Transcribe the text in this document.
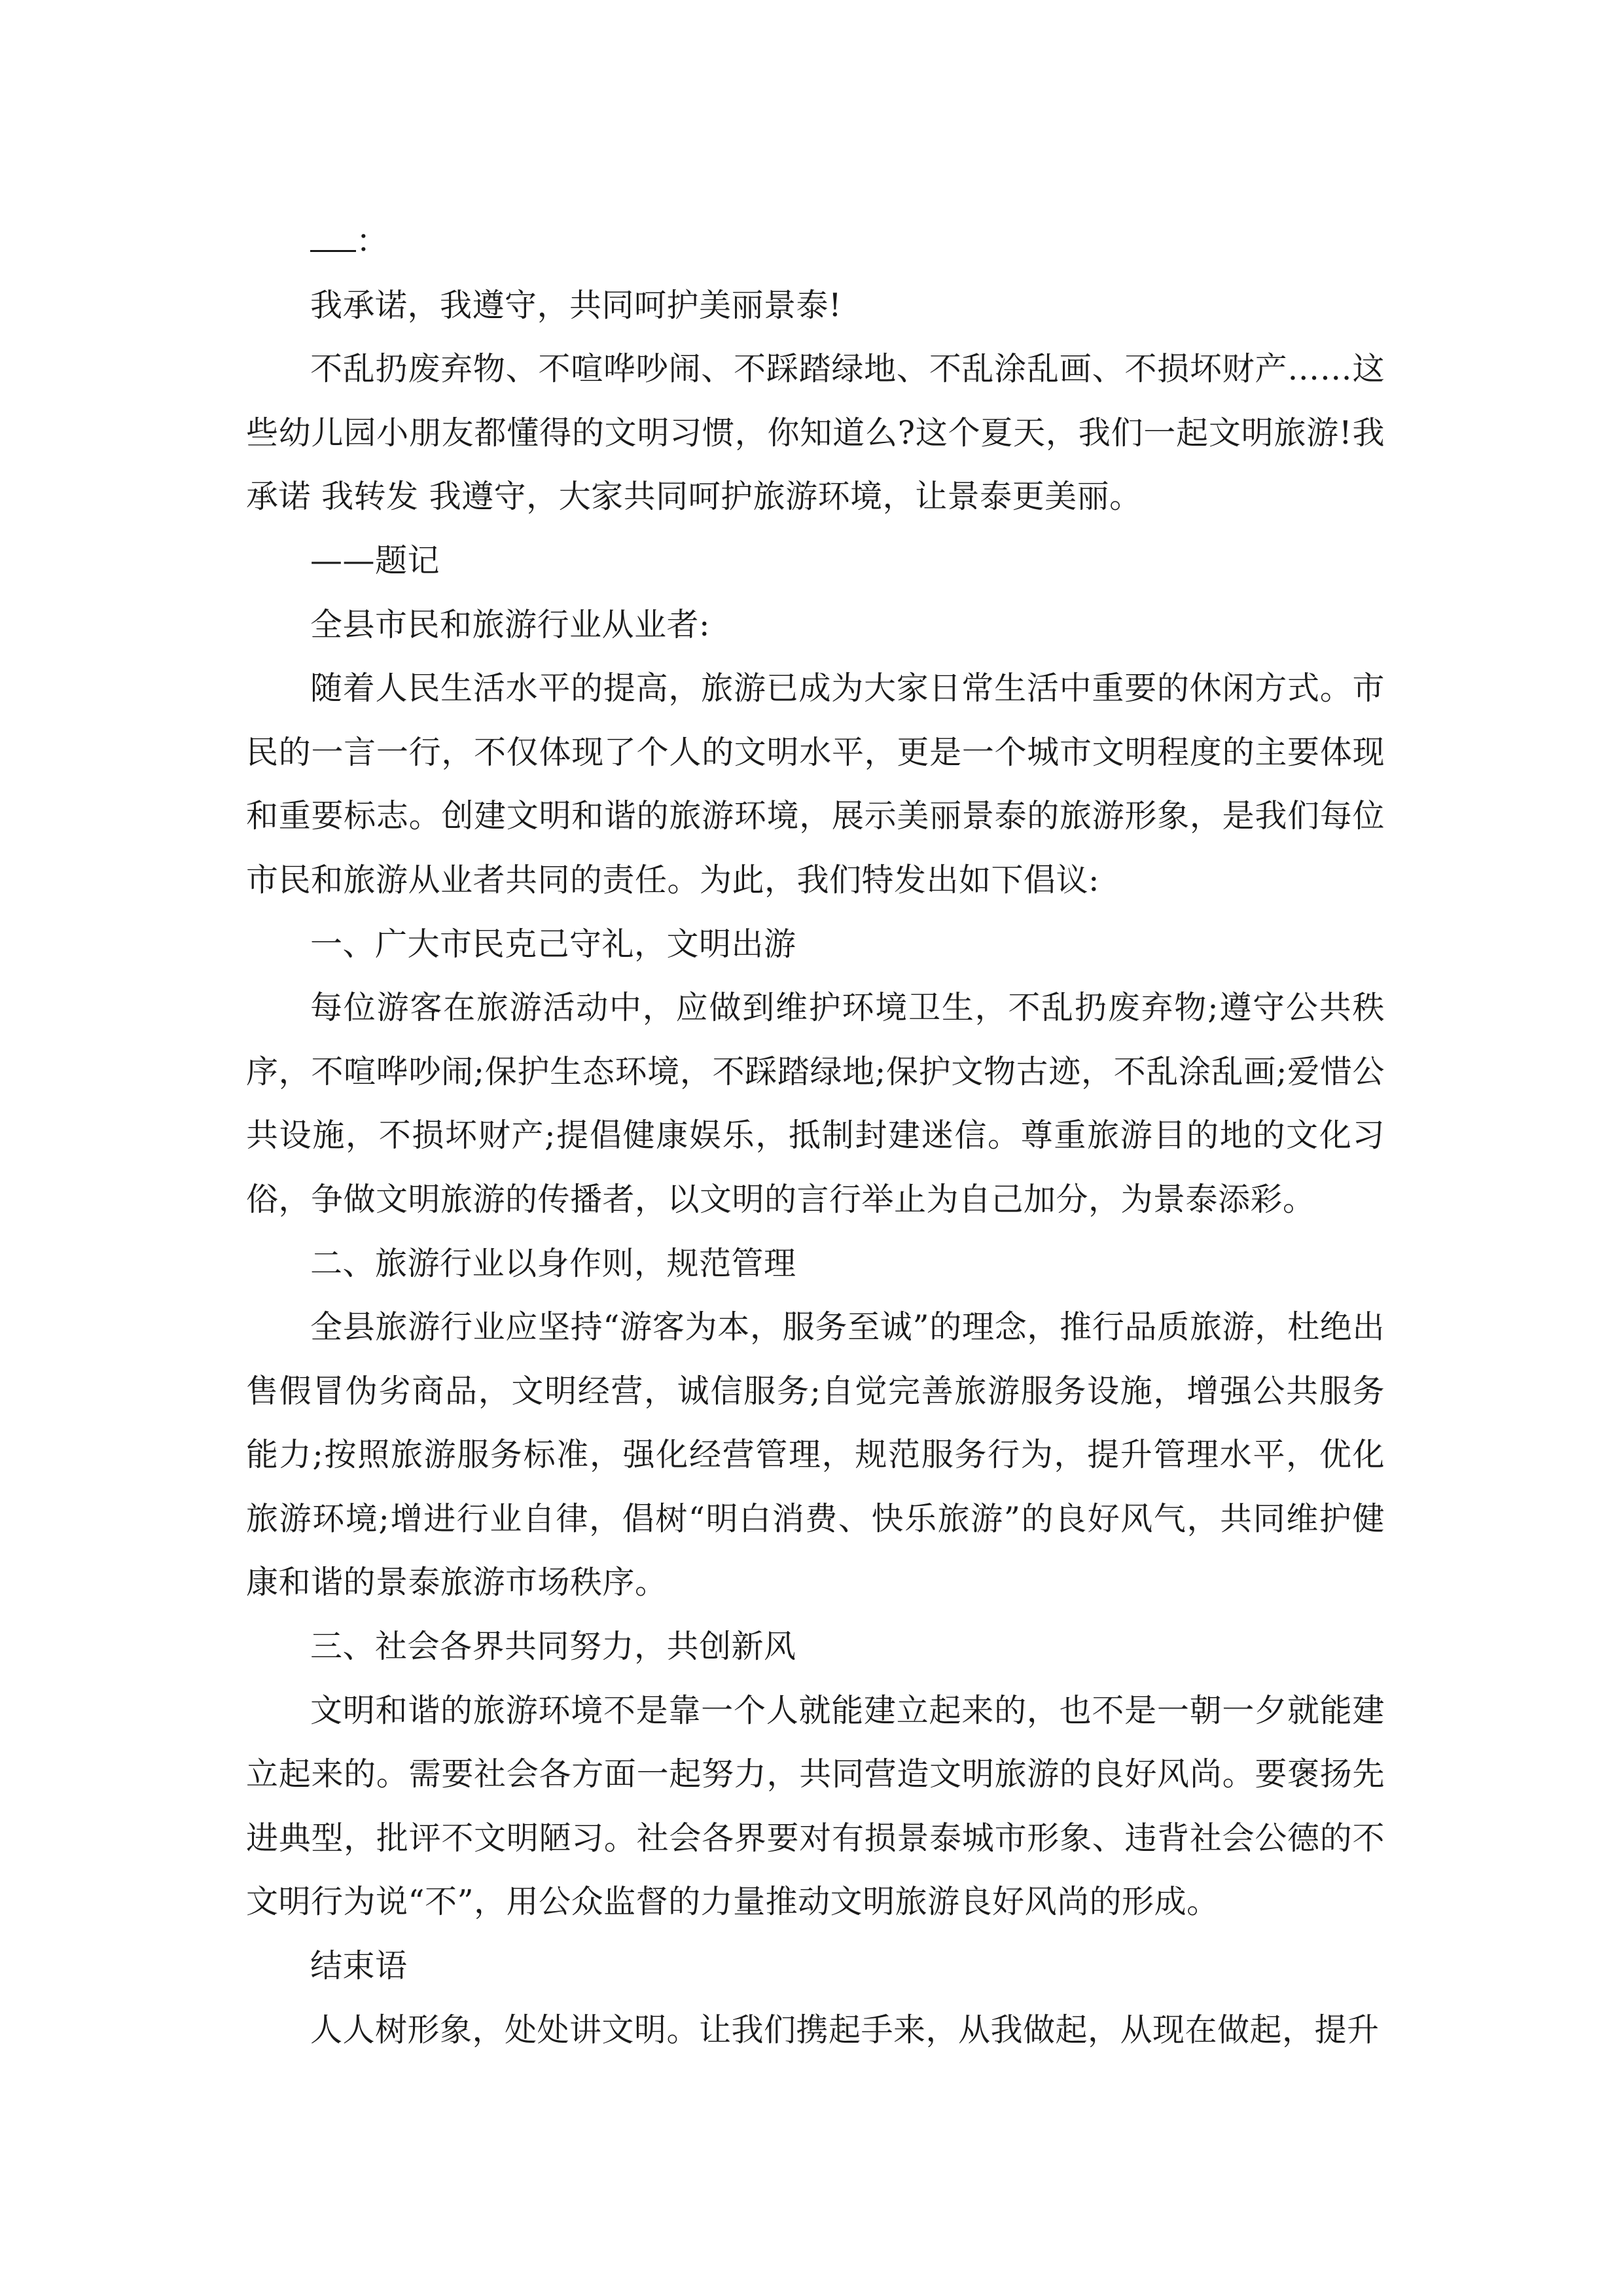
：

我承诺，我遵守，共同呵护美丽景泰!

不乱扔废弃物、不喧哗吵闹、不踩踏绿地、不乱涂乱画、不损坏财产……这些幼儿园小朋友都懂得的文明习惯，你知道么?这个夏天，我们一起文明旅游!我承诺 我转发 我遵守，大家共同呵护旅游环境，让景泰更美丽。

——题记

全县市民和旅游行业从业者:

随着人民生活水平的提高，旅游已成为大家日常生活中重要的休闲方式。市民的一言一行，不仅体现了个人的文明水平，更是一个城市文明程度的主要体现和重要标志。创建文明和谐的旅游环境，展示美丽景泰的旅游形象，是我们每位市民和旅游从业者共同的责任。为此，我们特发出如下倡议:

一、广大市民克己守礼，文明出游

每位游客在旅游活动中，应做到维护环境卫生，不乱扔废弃物;遵守公共秩序，不喧哗吵闹;保护生态环境，不踩踏绿地;保护文物古迹，不乱涂乱画;爱惜公共设施，不损坏财产;提倡健康娱乐，抵制封建迷信。尊重旅游目的地的文化习俗，争做文明旅游的传播者，以文明的言行举止为自己加分，为景泰添彩。

二、旅游行业以身作则，规范管理

全县旅游行业应坚持“游客为本，服务至诚”的理念，推行品质旅游，杜绝出售假冒伪劣商品，文明经营，诚信服务;自觉完善旅游服务设施，增强公共服务能力;按照旅游服务标准，强化经营管理，规范服务行为，提升管理水平，优化旅游环境;增进行业自律，倡树“明白消费、快乐旅游”的良好风气，共同维护健康和谐的景泰旅游市场秩序。

三、社会各界共同努力，共创新风

文明和谐的旅游环境不是靠一个人就能建立起来的，也不是一朝一夕就能建立起来的。需要社会各方面一起努力，共同营造文明旅游的良好风尚。要褒扬先进典型，批评不文明陋习。社会各界要对有损景泰城市形象、违背社会公德的不文明行为说“不”，用公众监督的力量推动文明旅游良好风尚的形成。

结束语

人人树形象，处处讲文明。让我们携起手来，从我做起，从现在做起，提升
